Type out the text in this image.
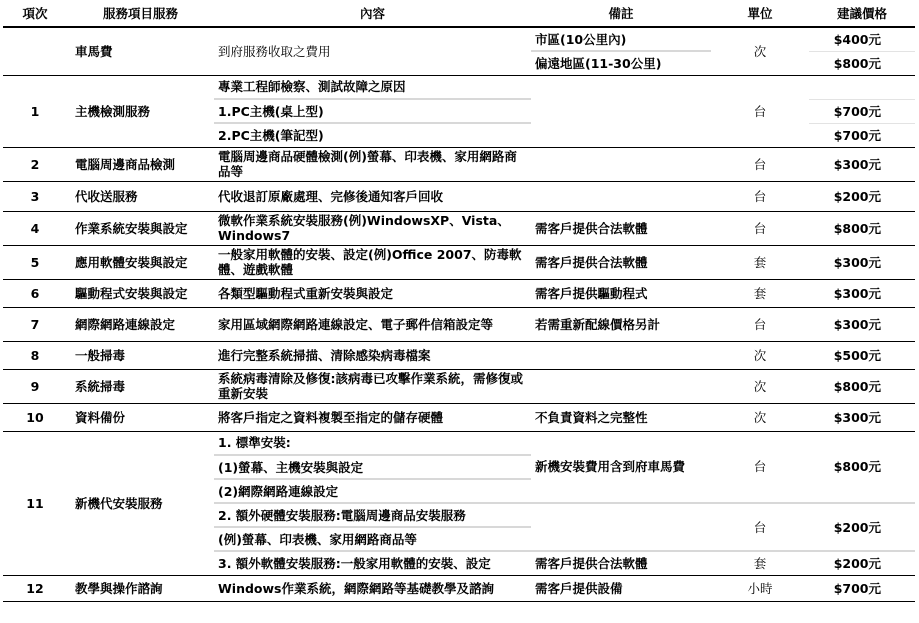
項次	服務項目服務	內容	備註	單位	建議價格
	車馬費	到府服務收取之費用	市區(10公里內)	次	$400元
			偏遠地區(11-30公里)		$800元
1	主機檢測服務	專業工程師檢察、測試故障之原因		台	
		1.PC主機(桌上型)			$700元
		2.PC主機(筆記型)			$700元
2	電腦周邊商品檢測	電腦周邊商品硬體檢測(例)螢幕、印表機、家用網路商品等		台	$300元
3	代收送服務	代收退訂原廠處理、完修後通知客戶回收		台	$200元
4	作業系統安裝與設定	微軟作業系統安裝服務(例)WindowsXP、Vista、Windows7	需客戶提供合法軟體	台	$800元
5	應用軟體安裝與設定	一般家用軟體的安裝、設定(例)Office 2007、防毒軟體、遊戲軟體	需客戶提供合法軟體	套	$300元
6	驅動程式安裝與設定	各類型驅動程式重新安裝與設定	需客戶提供驅動程式	套	$300元
7	網際網路連線設定	家用區域網際網路連線設定、電子郵件信箱設定等	若需重新配線價格另計	台	$300元
8	一般掃毒	進行完整系統掃描、清除感染病毒檔案		次	$500元
9	系統掃毒	系統病毒清除及修復:該病毒已攻擊作業系統，需修復或重新安裝		次	$800元
10	資料備份	將客戶指定之資料複製至指定的儲存硬體	不負責資料之完整性	次	$300元
11	新機代安裝服務	1. 標準安裝:	新機安裝費用含到府車馬費	台	$800元
		(1)螢幕、主機安裝與設定			
		(2)網際網路連線設定			
		2. 額外硬體安裝服務:電腦周邊商品安裝服務		台	$200元
		(例)螢幕、印表機、家用網路商品等			
		3. 額外軟體安裝服務:一般家用軟體的安裝、設定	需客戶提供合法軟體	套	$200元
12	教學與操作諮詢	Windows作業系統，網際網路等基礎教學及諮詢	需客戶提供設備	小時	$700元
